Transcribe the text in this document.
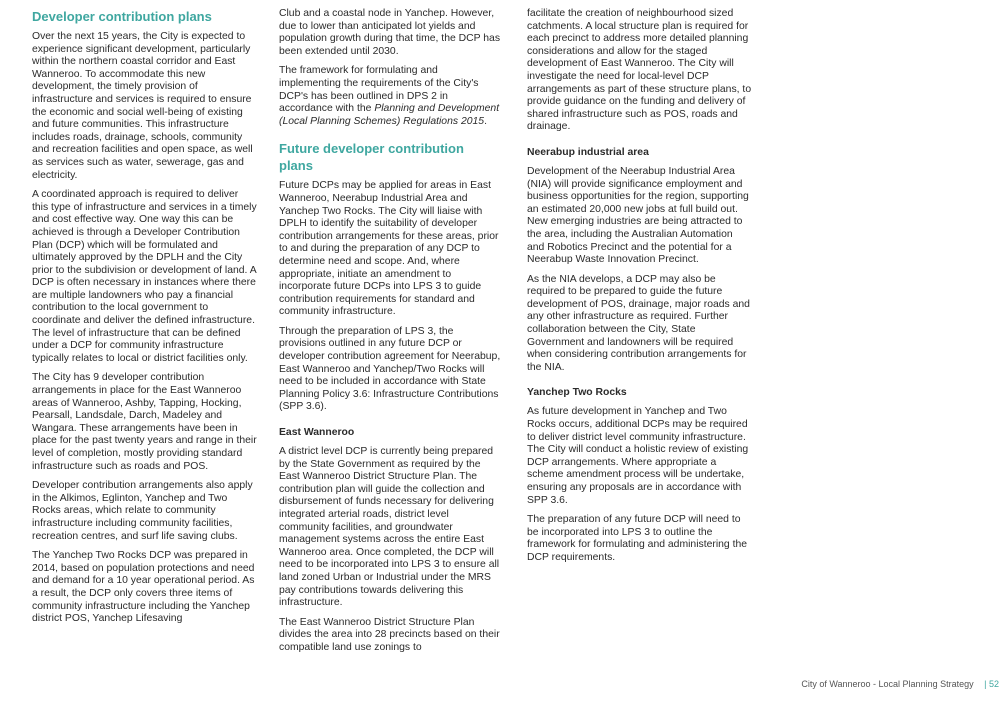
Developer contribution plans

Over the next 15 years, the City is expected to experience significant development, particularly within the northern coastal corridor and East Wanneroo. To accommodate this new development, the timely provision of infrastructure and services is required to ensure the economic and social well-being of existing and future communities. This infrastructure includes roads, drainage, schools, community and recreation facilities and open space, as well as services such as water, sewerage, gas and electricity.

A coordinated approach is required to deliver this type of infrastructure and services in a timely and cost effective way. One way this can be achieved is through a Developer Contribution Plan (DCP) which will be formulated and ultimately approved by the DPLH and the City prior to the subdivision or development of land. A DCP is often necessary in instances where there are multiple landowners who pay a financial contribution to the local government to coordinate and deliver the defined infrastructure. The level of infrastructure that can be defined under a DCP for community infrastructure typically relates to local or district facilities only.

The City has 9 developer contribution arrangements in place for the East Wanneroo areas of Wanneroo, Ashby, Tapping, Hocking, Pearsall, Landsdale, Darch, Madeley and Wangara. These arrangements have been in place for the past twenty years and range in their level of completion, mostly providing standard infrastructure such as roads and POS.

Developer contribution arrangements also apply in the Alkimos, Eglinton, Yanchep and Two Rocks areas, which relate to community infrastructure including community facilities, recreation centres, and surf life saving clubs.

The Yanchep Two Rocks DCP was prepared in 2014, based on population protections and need and demand for a 10 year operational period. As a result, the DCP only covers three items of community infrastructure including the Yanchep district POS, Yanchep Lifesaving

Club and a coastal node in Yanchep. However, due to lower than anticipated lot yields and population growth during that time, the DCP has been extended until 2030.

The framework for formulating and implementing the requirements of the City's DCP's has been outlined in DPS 2 in accordance with the Planning and Development (Local Planning Schemes) Regulations 2015.

Future developer contribution plans

Future DCPs may be applied for areas in East Wanneroo, Neerabup Industrial Area and Yanchep Two Rocks. The City will liaise with DPLH to identify the suitability of developer contribution arrangements for these areas, prior to and during the preparation of any DCP to determine need and scope. And, where appropriate, initiate an amendment to incorporate future DCPs into LPS 3 to guide contribution requirements for standard and community infrastructure.

Through the preparation of LPS 3, the provisions outlined in any future DCP or developer contribution agreement for Neerabup, East Wanneroo and Yanchep/Two Rocks will need to be included in accordance with State Planning Policy 3.6: Infrastructure Contributions (SPP 3.6).

East Wanneroo

A district level DCP is currently being prepared by the State Government as required by the East Wanneroo District Structure Plan. The contribution plan will guide the collection and disbursement of funds necessary for delivering integrated arterial roads, district level community facilities, and groundwater management systems across the entire East Wanneroo area. Once completed, the DCP will need to be incorporated into LPS 3 to ensure all land zoned Urban or Industrial under the MRS pay contributions towards delivering this infrastructure.

The East Wanneroo District Structure Plan divides the area into 28 precincts based on their compatible land use zonings to

facilitate the creation of neighbourhood sized catchments. A local structure plan is required for each precinct to address more detailed planning considerations and allow for the staged development of East Wanneroo. The City will investigate the need for local-level DCP arrangements as part of these structure plans, to provide guidance on the funding and delivery of shared infrastructure such as POS, roads and drainage.

Neerabup industrial area

Development of the Neerabup Industrial Area (NIA) will provide significance employment and business opportunities for the region, supporting an estimated 20,000 new jobs at full build out. New emerging industries are being attracted to the area, including the Australian Automation and Robotics Precinct and the potential for a Neerabup Waste Innovation Precinct.

As the NIA develops, a DCP may also be required to be prepared to guide the future development of POS, drainage, major roads and any other infrastructure as required. Further collaboration between the City, State Government and landowners will be required when considering contribution arrangements for the NIA.

Yanchep Two Rocks

As future development in Yanchep and Two Rocks occurs, additional DCPs may be required to deliver district level community infrastructure. The City will conduct a holistic review of existing DCP arrangements. Where appropriate a scheme amendment process will be undertake, ensuring any proposals are in accordance with SPP 3.6.

The preparation of any future DCP will need to be incorporated into LPS 3 to outline the framework for formulating and administering the DCP requirements.

City of Wanneroo - Local Planning Strategy | 52
